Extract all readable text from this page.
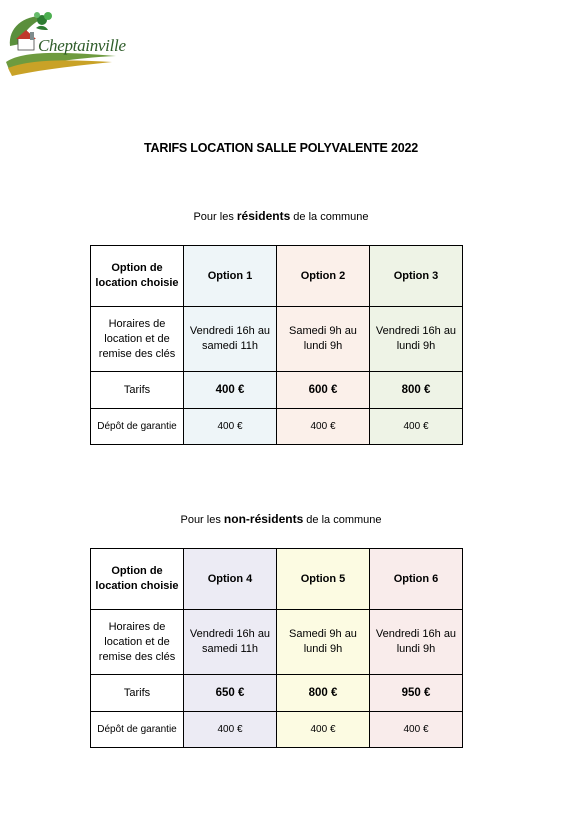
Cheptainville
TARIFS LOCATION SALLE POLYVALENTE 2022
Pour les résidents de la commune
Option de location choisie	Option 1	Option 2	Option 3
Horaires de location et de remise des clés	Vendredi 16h au samedi 11h	Samedi 9h au lundi 9h	Vendredi 16h au lundi 9h
Tarifs	400 €	600 €	800 €
Dépôt de garantie	400 €	400 €	400 €
Pour les non-résidents de la commune
Option de location choisie	Option 4	Option 5	Option 6
Horaires de location et de remise des clés	Vendredi 16h au samedi 11h	Samedi 9h au lundi 9h	Vendredi 16h au lundi 9h
Tarifs	650 €	800 €	950 €
Dépôt de garantie	400 €	400 €	400 €
